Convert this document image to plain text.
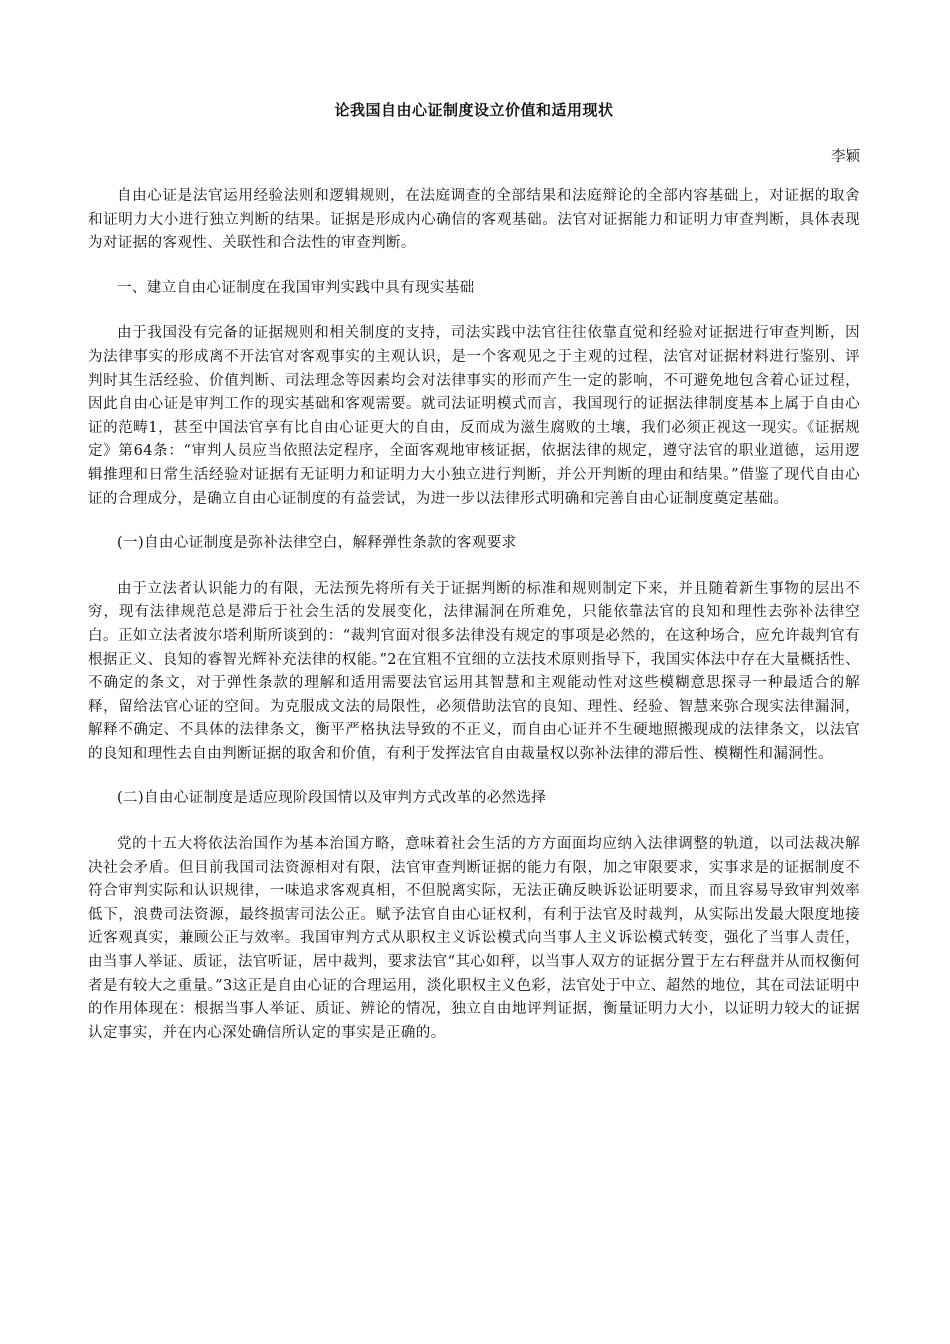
论我国自由心证制度设立价值和适用现状
李颖

自由心证是法官运用经验法则和逻辑规则，在法庭调查的全部结果和法庭辩论的全部内容基础上，对证据的取舍和证明力大小进行独立判断的结果。证据是形成内心确信的客观基础。法官对证据能力和证明力审查判断，具体表现为对证据的客观性、关联性和合法性的审查判断。

一、建立自由心证制度在我国审判实践中具有现实基础

由于我国没有完备的证据规则和相关制度的支持，司法实践中法官往往依靠直觉和经验对证据进行审查判断，因为法律事实的形成离不开法官对客观事实的主观认识，是一个客观见之于主观的过程，法官对证据材料进行鉴别、评判时其生活经验、价值判断、司法理念等因素均会对法律事实的形而产生一定的影响，不可避免地包含着心证过程，因此自由心证是审判工作的现实基础和客观需要。就司法证明模式而言，我国现行的证据法律制度基本上属于自由心证的范畴1，甚至中国法官享有比自由心证更大的自由，反而成为滋生腐败的土壤，我们必须正视这一现实。《证据规定》第64条：“审判人员应当依照法定程序，全面客观地审核证据，依据法律的规定，遵守法官的职业道德，运用逻辑推理和日常生活经验对证据有无证明力和证明力大小独立进行判断，并公开判断的理由和结果。”借鉴了现代自由心证的合理成分，是确立自由心证制度的有益尝试，为进一步以法律形式明确和完善自由心证制度奠定基础。

(一)自由心证制度是弥补法律空白，解释弹性条款的客观要求

由于立法者认识能力的有限，无法预先将所有关于证据判断的标准和规则制定下来，并且随着新生事物的层出不穷，现有法律规范总是滞后于社会生活的发展变化，法律漏洞在所难免，只能依靠法官的良知和理性去弥补法律空白。正如立法者波尔塔利斯所谈到的：“裁判官面对很多法律没有规定的事项是必然的，在这种场合，应允许裁判官有根据正义、良知的睿智光辉补充法律的权能。”2在宜粗不宜细的立法技术原则指导下，我国实体法中存在大量概括性、不确定的条文，对于弹性条款的理解和适用需要法官运用其智慧和主观能动性对这些模糊意思探寻一种最适合的解释，留给法官心证的空间。为克服成文法的局限性，必须借助法官的良知、理性、经验、智慧来弥合现实法律漏洞，解释不确定、不具体的法律条文，衡平严格执法导致的不正义，而自由心证并不生硬地照搬现成的法律条文，以法官的良知和理性去自由判断证据的取舍和价值，有利于发挥法官自由裁量权以弥补法律的滞后性、模糊性和漏洞性。

(二)自由心证制度是适应现阶段国情以及审判方式改革的必然选择

党的十五大将依法治国作为基本治国方略，意味着社会生活的方方面面均应纳入法律调整的轨道，以司法裁决解决社会矛盾。但目前我国司法资源相对有限，法官审查判断证据的能力有限，加之审限要求，实事求是的证据制度不符合审判实际和认识规律，一味追求客观真相，不但脱离实际，无法正确反映诉讼证明要求，而且容易导致审判效率低下，浪费司法资源，最终损害司法公正。赋予法官自由心证权利，有利于法官及时裁判，从实际出发最大限度地接近客观真实，兼顾公正与效率。我国审判方式从职权主义诉讼模式向当事人主义诉讼模式转变，强化了当事人责任，由当事人举证、质证，法官听证，居中裁判，要求法官“其心如秤，以当事人双方的证据分置于左右秤盘并从而权衡何者是有较大之重量。”3这正是自由心证的合理运用，淡化职权主义色彩，法官处于中立、超然的地位，其在司法证明中的作用体现在：根据当事人举证、质证、辨论的情况，独立自由地评判证据，衡量证明力大小，以证明力较大的证据认定事实，并在内心深处确信所认定的事实是正确的。
